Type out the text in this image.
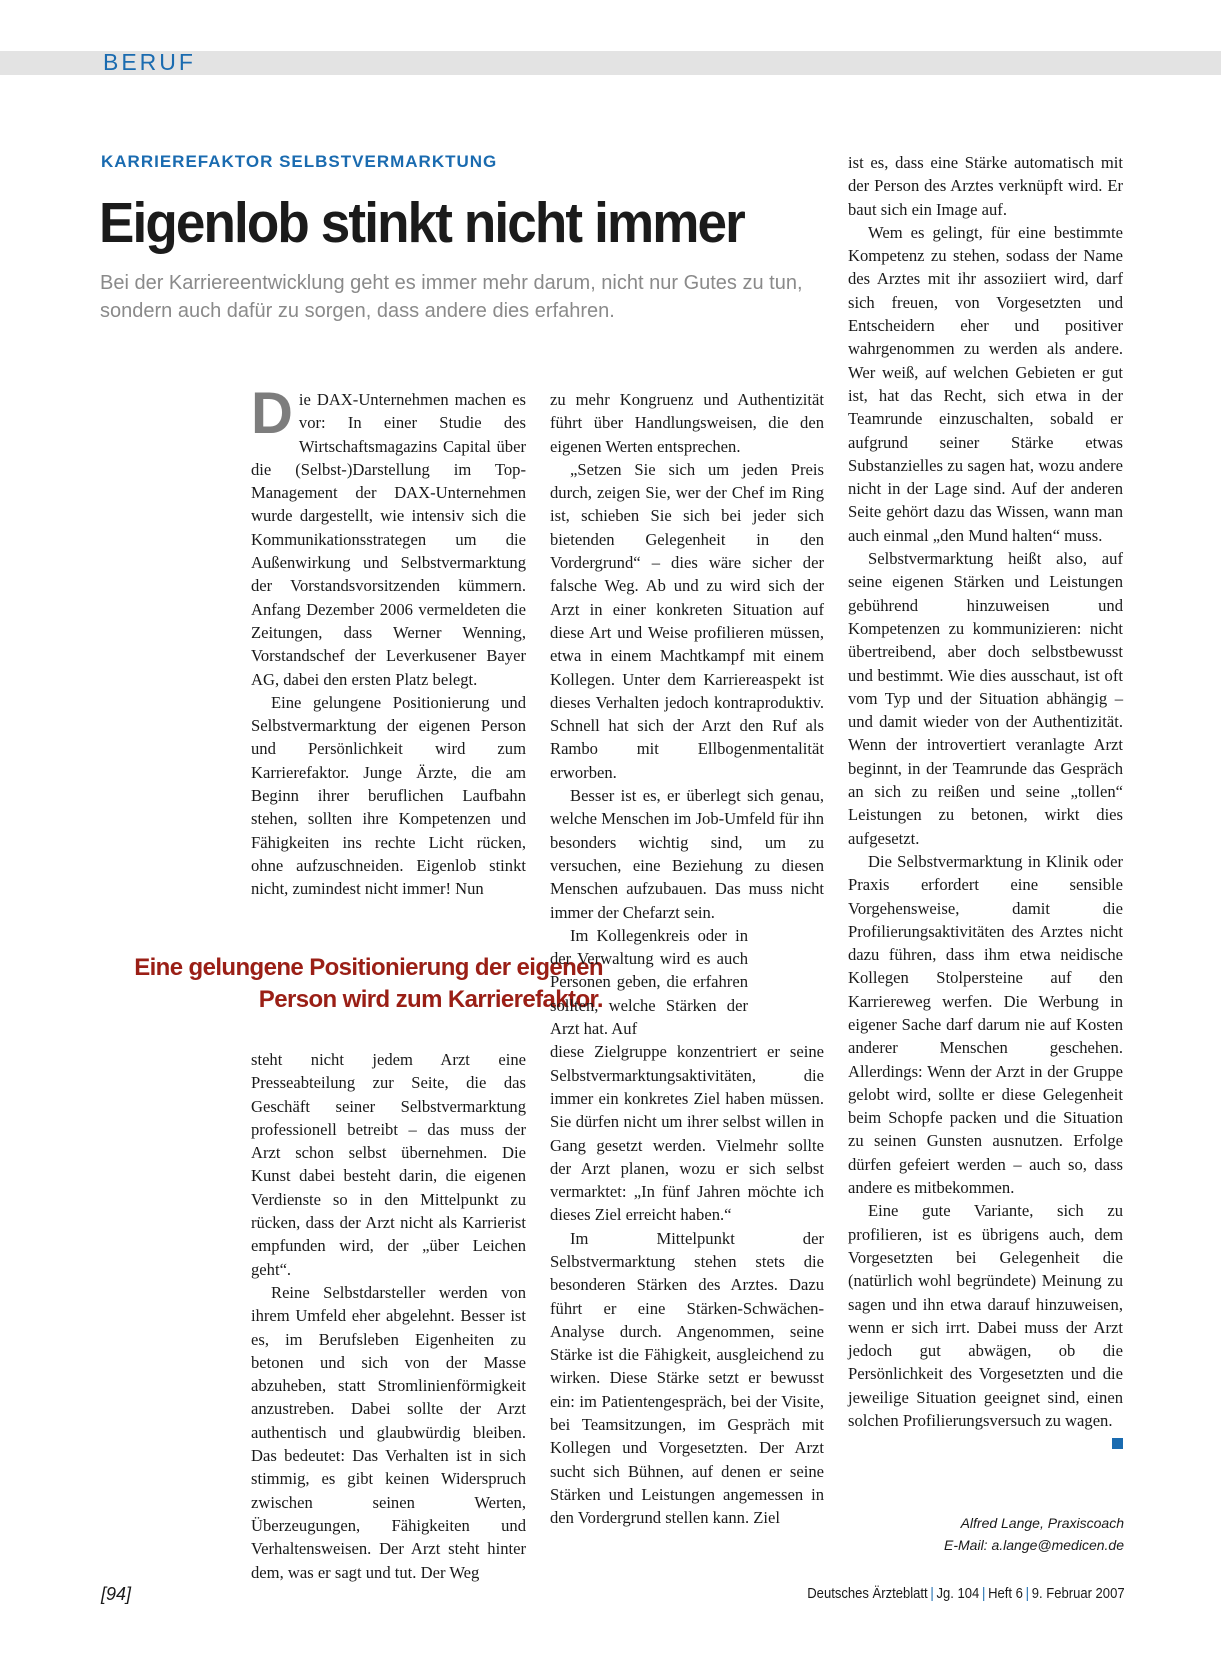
BERUF
KARRIEREFAKTOR SELBSTVERMARKTUNG
Eigenlob stinkt nicht immer

Bei der Karriereentwicklung geht es immer mehr darum, nicht nur Gutes zu tun, sondern auch dafür zu sorgen, dass andere dies erfahren.

Die DAX-Unternehmen machen es vor: In einer Studie des Wirtschaftsmagazins Capital über die (Selbst-)Darstellung im Top-Management der DAX-Unternehmen wurde dargestellt, wie intensiv sich die Kommunikationsstrategen um die Außenwirkung und Selbstvermarktung der Vorstandsvorsitzenden kümmern. Anfang Dezember 2006 vermeldeten die Zeitungen, dass Werner Wenning, Vorstandschef der Leverkusener Bayer AG, dabei den ersten Platz belegt.

Eine gelungene Positionierung und Selbstvermarktung der eigenen Person und Persönlichkeit wird zum Karrierefaktor. Junge Ärzte, die am Beginn ihrer beruflichen Laufbahn stehen, sollten ihre Kompetenzen und Fähigkeiten ins rechte Licht rücken, ohne aufzuschneiden. Eigenlob stinkt nicht, zumindest nicht immer! Nun

Eine gelungene Positionierung der eigenen Person wird zum Karrierefaktor.

steht nicht jedem Arzt eine Presseabteilung zur Seite, die das Geschäft seiner Selbstvermarktung professionell betreibt – das muss der Arzt schon selbst übernehmen. Die Kunst dabei besteht darin, die eigenen Verdienste so in den Mittelpunkt zu rücken, dass der Arzt nicht als Karrierist empfunden wird, der „über Leichen geht“.

Reine Selbstdarsteller werden von ihrem Umfeld eher abgelehnt. Besser ist es, im Berufsleben Eigenheiten zu betonen und sich von der Masse abzuheben, statt Stromlinienförmigkeit anzustreben. Dabei sollte der Arzt authentisch und glaubwürdig bleiben. Das bedeutet: Das Verhalten ist in sich stimmig, es gibt keinen Widerspruch zwischen seinen Werten, Überzeugungen, Fähigkeiten und Verhaltensweisen. Der Arzt steht hinter dem, was er sagt und tut. Der Weg

zu mehr Kongruenz und Authentizität führt über Handlungsweisen, die den eigenen Werten entsprechen.

„Setzen Sie sich um jeden Preis durch, zeigen Sie, wer der Chef im Ring ist, schieben Sie sich bei jeder sich bietenden Gelegenheit in den Vordergrund“ – dies wäre sicher der falsche Weg. Ab und zu wird sich der Arzt in einer konkreten Situation auf diese Art und Weise profilieren müssen, etwa in einem Machtkampf mit einem Kollegen. Unter dem Karriereaspekt ist dieses Verhalten jedoch kontraproduktiv. Schnell hat sich der Arzt den Ruf als Rambo mit Ellbogenmentalität erworben.

Besser ist es, er überlegt sich genau, welche Menschen im Job-Umfeld für ihn besonders wichtig sind, um zu versuchen, eine Beziehung zu diesen Menschen aufzubauen. Das muss nicht immer der Chefarzt sein.

Im Kollegenkreis oder in der Verwaltung wird es auch Personen geben, die erfahren sollten, welche Stärken der Arzt hat. Auf

diese Zielgruppe konzentriert er seine Selbstvermarktungsaktivitäten, die immer ein konkretes Ziel haben müssen. Sie dürfen nicht um ihrer selbst willen in Gang gesetzt werden. Vielmehr sollte der Arzt planen, wozu er sich selbst vermarktet: „In fünf Jahren möchte ich dieses Ziel erreicht haben.“

Im Mittelpunkt der Selbstvermarktung stehen stets die besonderen Stärken des Arztes. Dazu führt er eine Stärken-Schwächen-Analyse durch. Angenommen, seine Stärke ist die Fähigkeit, ausgleichend zu wirken. Diese Stärke setzt er bewusst ein: im Patientengespräch, bei der Visite, bei Teamsitzungen, im Gespräch mit Kollegen und Vorgesetzten. Der Arzt sucht sich Bühnen, auf denen er seine Stärken und Leistungen angemessen in den Vordergrund stellen kann. Ziel

ist es, dass eine Stärke automatisch mit der Person des Arztes verknüpft wird. Er baut sich ein Image auf.

Wem es gelingt, für eine bestimmte Kompetenz zu stehen, sodass der Name des Arztes mit ihr assoziiert wird, darf sich freuen, von Vorgesetzten und Entscheidern eher und positiver wahrgenommen zu werden als andere. Wer weiß, auf welchen Gebieten er gut ist, hat das Recht, sich etwa in der Teamrunde einzuschalten, sobald er aufgrund seiner Stärke etwas Substanzielles zu sagen hat, wozu andere nicht in der Lage sind. Auf der anderen Seite gehört dazu das Wissen, wann man auch einmal „den Mund halten“ muss.

Selbstvermarktung heißt also, auf seine eigenen Stärken und Leistungen gebührend hinzuweisen und Kompetenzen zu kommunizieren: nicht übertreibend, aber doch selbstbewusst und bestimmt. Wie dies ausschaut, ist oft vom Typ und der Situation abhängig – und damit wieder von der Authentizität. Wenn der introvertiert veranlagte Arzt beginnt, in der Teamrunde das Gespräch an sich zu reißen und seine „tollen“ Leistungen zu betonen, wirkt dies aufgesetzt.

Die Selbstvermarktung in Klinik oder Praxis erfordert eine sensible Vorgehensweise, damit die Profilierungsaktivitäten des Arztes nicht dazu führen, dass ihm etwa neidische Kollegen Stolpersteine auf den Karriereweg werfen. Die Werbung in eigener Sache darf darum nie auf Kosten anderer Menschen geschehen. Allerdings: Wenn der Arzt in der Gruppe gelobt wird, sollte er diese Gelegenheit beim Schopfe packen und die Situation zu seinen Gunsten ausnutzen. Erfolge dürfen gefeiert werden – auch so, dass andere es mitbekommen.

Eine gute Variante, sich zu profilieren, ist es übrigens auch, dem Vorgesetzten bei Gelegenheit die (natürlich wohl begründete) Meinung zu sagen und ihn etwa darauf hinzuweisen, wenn er sich irrt. Dabei muss der Arzt jedoch gut abwägen, ob die Persönlichkeit des Vorgesetzten und die jeweilige Situation geeignet sind, einen solchen Profilierungsversuch zu wagen.

Alfred Lange, Praxiscoach
E-Mail: a.lange@medicen.de
[94]	Deutsches Ärzteblatt | Jg. 104 | Heft 6 | 9. Februar 2007
